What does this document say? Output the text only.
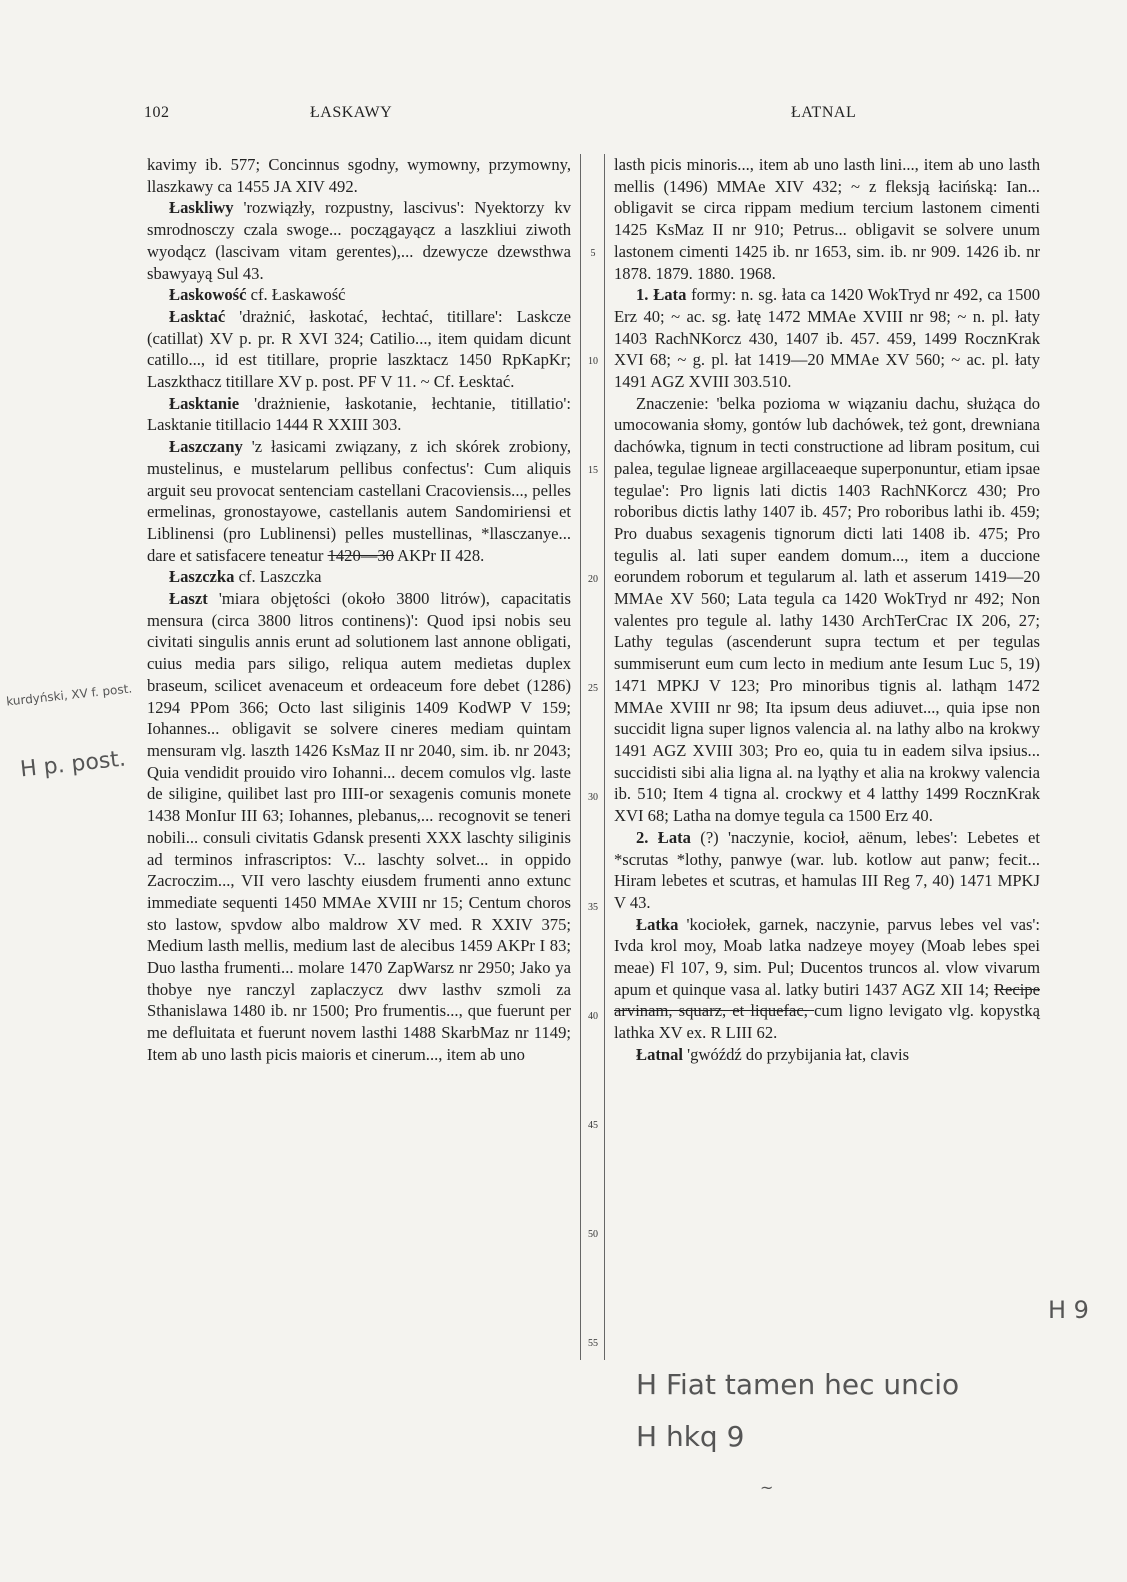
102	ŁASKAWY	ŁATNAL

kavimy ib. 577; Concinnus sgodny, wymowny, przymowny, llaszkawy ca 1455 JA XIV 492.

Łaskliwy 'rozwiązły, rozpustny, lascivus': Nyektorzy kv smrodnosczy czala swoge... począgayącz a laszkliui ziwoth wyodącz (lascivam vitam gerentes),... dzewycze dzewsthwa sbawyayą Sul 43.

Łaskowość cf. Łaskawość

Łasktać 'drażnić, łaskotać, łechtać, titillare': Laskcze (catillat) XV p. pr. R XVI 324; Catilio..., item quidam dicunt catillo..., id est titillare, proprie laszktacz 1450 RpKapKr; Laszkthacz titillare XV p. post. PF V 11. ~ Cf. Łesktać.

Łasktanie 'drażnienie, łaskotanie, łechtanie, titillatio': Lasktanie titillacio 1444 R XXIII 303.

Łaszczany 'z łasicami związany, z ich skórek zrobiony, mustelinus, e mustelarum pellibus confectus': Cum aliquis arguit seu provocat sentenciam castellani Cracoviensis..., pelles ermelinas, gronostayowe, castellanis autem Sandomiriensi et Liblinensi (pro Lublinensi) pelles mustellinas, *llasczanye... dare et satisfacere teneatur 1420—30 AKPr II 428.

Łaszczka cf. Laszczka

Łaszt 'miara objętości (około 3800 litrów), capacitatis mensura (circa 3800 litros continens)': Quod ipsi nobis seu civitati singulis annis erunt ad solutionem last annone obligati, cuius media pars siligo, reliqua autem medietas duplex braseum, scilicet avenaceum et ordeaceum fore debet (1286) 1294 PPom 366; Octo last siliginis 1409 KodWP V 159; Iohannes... obligavit se solvere cineres mediam quintam mensuram vlg. laszth 1426 KsMaz II nr 2040, sim. ib. nr 2043; Quia vendidit prouido viro Iohanni... decem comulos vlg. laste de siligine, quilibet last pro IIII-or sexagenis comunis monete 1438 MonIur III 63; Iohannes, plebanus,... recognovit se teneri nobili... consuli civitatis Gdansk presenti XXX laschty siliginis ad terminos infrascriptos: V... laschty solvet... in oppido Zacroczim..., VII vero laschty eiusdem frumenti anno extunc immediate sequenti 1450 MMAe XVIII nr 15; Centum choros sto lastow, spvdow albo maldrow XV med. R XXIV 375; Medium lasth mellis, medium last de alecibus 1459 AKPr I 83; Duo lastha frumenti... molare 1470 ZapWarsz nr 2950; Jako ya thobye nye ranczyl zaplaczycz dwv lasthv szmoli za Sthanislawa 1480 ib. nr 1500; Pro frumentis..., que fuerunt per me defluitata et fuerunt novem lasthi 1488 SkarbMaz nr 1149; Item ab uno lasth picis maioris et cinerum..., item ab uno

5
10
15
20
25
30
35
40
45
50
55

lasth picis minoris..., item ab uno lasth lini..., item ab uno lasth mellis (1496) MMAe XIV 432; ~ z fleksją łacińską: Ian... obligavit se circa rippam medium tercium lastonem cimenti 1425 KsMaz II nr 910; Petrus... obligavit se solvere unum lastonem cimenti 1425 ib. nr 1653, sim. ib. nr 909. 1426 ib. nr 1878. 1879. 1880. 1968.

1. Łata formy: n. sg. łata ca 1420 WokTryd nr 492, ca 1500 Erz 40; ~ ac. sg. łatę 1472 MMAe XVIII nr 98; ~ n. pl. łaty 1403 RachNKorcz 430, 1407 ib. 457. 459, 1499 RocznKrak XVI 68; ~ g. pl. łat 1419—20 MMAe XV 560; ~ ac. pl. łaty 1491 AGZ XVIII 303.510.

Znaczenie: 'belka pozioma w wiązaniu dachu, służąca do umocowania słomy, gontów lub dachówek, też gont, drewniana dachówka, tignum in tecti constructione ad libram positum, cui palea, tegulae ligneae argillaceaeque superponuntur, etiam ipsae tegulae': Pro lignis lati dictis 1403 RachNKorcz 430; Pro roboribus dictis lathy 1407 ib. 457; Pro roboribus lathi ib. 459; Pro duabus sexagenis tignorum dicti lati 1408 ib. 475; Pro tegulis al. lati super eandem domum..., item a duccione eorundem roborum et tegularum al. lath et asserum 1419—20 MMAe XV 560; Lata tegula ca 1420 WokTryd nr 492; Non valentes pro tegule al. lathy 1430 ArchTerCrac IX 206, 27; Lathy tegulas (ascenderunt supra tectum et per tegulas summiserunt eum cum lecto in medium ante Iesum Luc 5, 19) 1471 MPKJ V 123; Pro minoribus tignis al. lathąm 1472 MMAe XVIII nr 98; Ita ipsum deus adiuvet..., quia ipse non succidit ligna super lignos valencia al. na lathy albo na krokwy 1491 AGZ XVIII 303; Pro eo, quia tu in eadem silva ipsius... succidisti sibi alia ligna al. na lyąthy et alia na krokwy valencia ib. 510; Item 4 tigna al. crockwy et 4 latthy 1499 RocznKrak XVI 68; Latha na domye tegula ca 1500 Erz 40.

2. Łata (?) 'naczynie, kocioł, aënum, lebes': Lebetes et *scrutas *lothy, panwye (war. lub. kotlow aut panw; fecit... Hiram lebetes et scutras, et hamulas III Reg 7, 40) 1471 MPKJ V 43.

Łatka 'kociołek, garnek, naczynie, parvus lebes vel vas': Ivda krol moy, Moab latka nadzeye moyey (Moab lebes spei meae) Fl 107, 9, sim. Pul; Ducentos truncos al. vlow vivarum apum et quinque vasa al. latky butiri 1437 AGZ XII 14; Recipe arvinam, squarz, et liquefac, cum ligno levigato vlg. kopystką lathka XV ex. R LIII 62.

Łatnal 'gwóźdź do przybijania łat, clavis

kurdyński, XV f. post.
H p. post.
H 9
H Fiat tamen hec uncio
H hkq 9
~
